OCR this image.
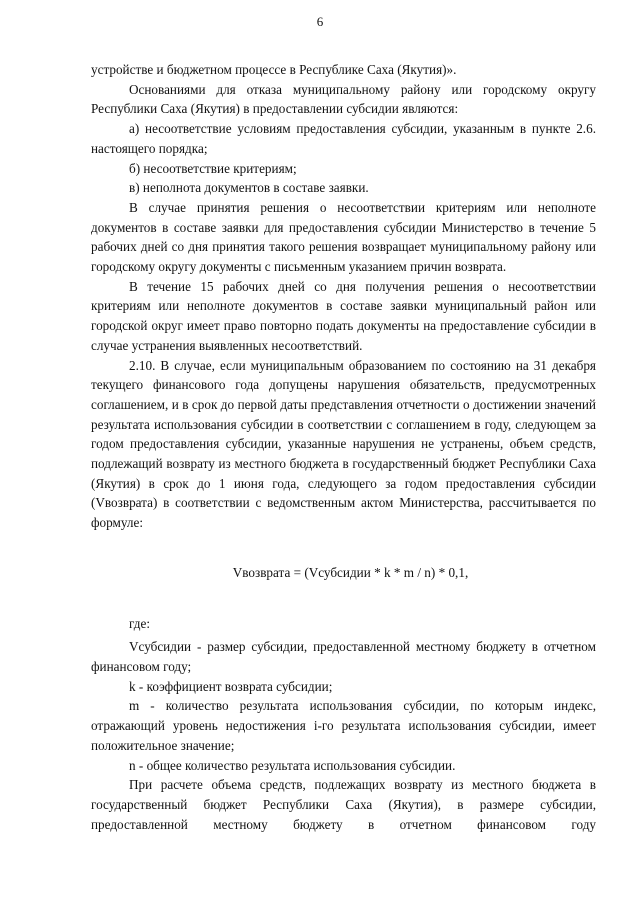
6

устройстве и бюджетном процессе в Республике Саха (Якутия)».

Основаниями для отказа муниципальному району или городскому округу Республики Саха (Якутия) в предоставлении субсидии являются:

а) несоответствие условиям предоставления субсидии, указанным в пункте 2.6. настоящего порядка;

б) несоответствие критериям;

в) неполнота документов в составе заявки.

В случае принятия решения о несоответствии критериям или неполноте документов в составе заявки для предоставления субсидии Министерство в течение 5 рабочих дней со дня принятия такого решения возвращает муниципальному району или городскому округу документы с письменным указанием причин возврата.

В течение 15 рабочих дней со дня получения решения о несоответствии критериям или неполноте документов в составе заявки муниципальный район или городской округ имеет право повторно подать документы на предоставление субсидии в случае устранения выявленных несоответствий.

2.10. В случае, если муниципальным образованием по состоянию на 31 декабря текущего финансового года допущены нарушения обязательств, предусмотренных соглашением, и в срок до первой даты представления отчетности о достижении значений результата использования субсидии в соответствии с соглашением в году, следующем за годом предоставления субсидии, указанные нарушения не устранены, объем средств, подлежащий возврату из местного бюджета в государственный бюджет Республики Саха (Якутия) в срок до 1 июня года, следующего за годом предоставления субсидии (Vвозврата) в соответствии с ведомственным актом Министерства, рассчитывается по формуле:

Vвозврата = (Vсубсидии * k * m / n) * 0,1,

где:

Vсубсидии - размер субсидии, предоставленной местному бюджету в отчетном финансовом году;

k - коэффициент возврата субсидии;

m - количество результата использования субсидии, по которым индекс, отражающий уровень недостижения i-го результата использования субсидии, имеет положительное значение;

n - общее количество результата использования субсидии.

При расчете объема средств, подлежащих возврату из местного бюджета в государственный бюджет Республики Саха (Якутия), в размере субсидии, предоставленной местному бюджету в отчетном финансовом году
